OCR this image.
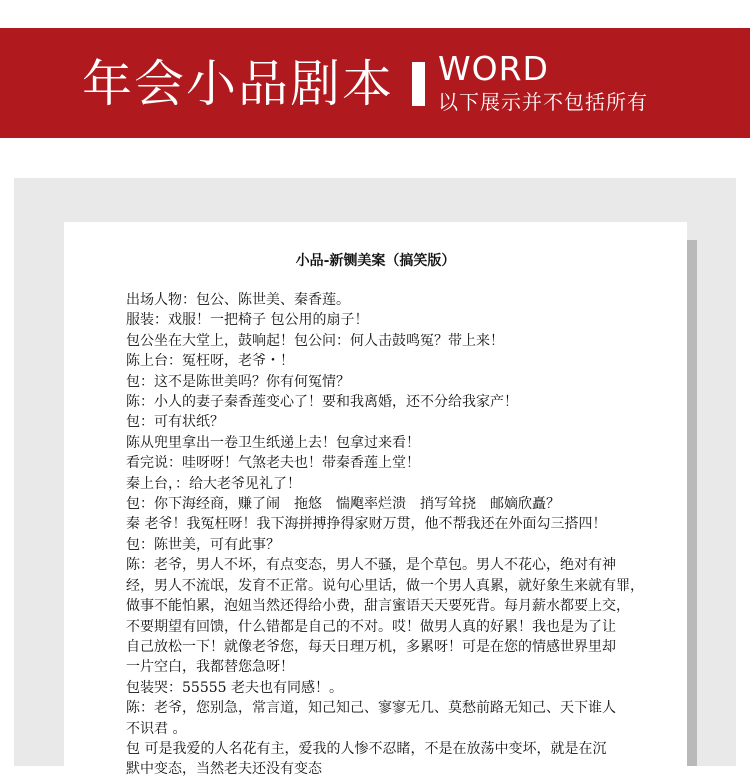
年会小品剧本 WORD
以下展示并不包括所有
小品-新铡美案（搞笑版）
出场人物：包公、陈世美、秦香莲。
服装：戏服！一把椅子 包公用的扇子！
包公坐在大堂上，鼓响起！包公问：何人击鼓鸣冤？带上来！
陈上台：冤枉呀，老爷・！
包：这不是陈世美吗？你有何冤情？
陈：小人的妻子秦香莲变心了！要和我离婚，还不分给我家产！
包：可有状纸？
陈从兜里拿出一卷卫生纸递上去！包拿过来看！
看完说：哇呀呀！气煞老夫也！带秦香莲上堂！
秦上台，：给大老爷见礼了！
包：你下海经商，赚了闹　拖悠　惴飑率烂溃　捎写耸挠　邮嫡欣矗？
秦 老爷！我冤枉呀！我下海拼搏挣得家财万贯，他不帮我还在外面勾三搭四！
包：陈世美，可有此事？
陈：老爷，男人不坏，有点变态，男人不骚，是个草包。男人不花心，绝对有神
经，男人不流氓，发育不正常。说句心里话，做一个男人真累，就好象生来就有罪，
做事不能怕累，泡妞当然还得给小费，甜言蜜语天天要死背。每月薪水都要上交，
不要期望有回馈，什么错都是自己的不对。哎！做男人真的好累！我也是为了让
自己放松一下！就像老爷您，每天日理万机，多累呀！可是在您的情感世界里却
一片空白，我都替您急呀！
包装哭：55555 老夫也有同感！。
陈：老爷，您别急，常言道，知己知己、寥寥无几、莫愁前路无知己、天下谁人
不识君 。
包 可是我爱的人名花有主，爱我的人惨不忍睹，不是在放荡中变坏，就是在沉
默中变态，当然老夫还没有变态
